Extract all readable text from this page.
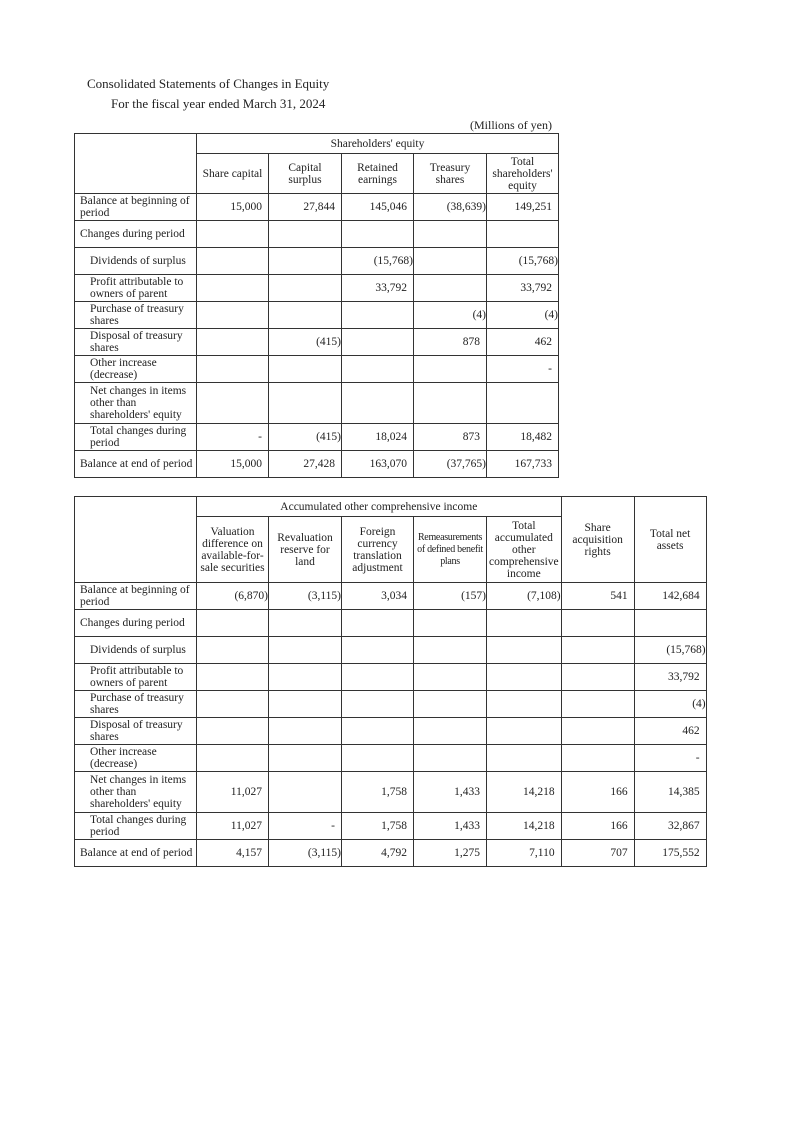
Consolidated Statements of Changes in Equity
For the fiscal year ended March 31, 2024
(Millions of yen)
	Shareholders' equity				
	Share capital	Capital surplus	Retained earnings	Treasury shares	Total shareholders' equity
Balance at beginning of period	15,000	27,844	145,046	(38,639)	149,251
Changes during period					
Dividends of surplus			(15,768)		(15,768)
Profit attributable to owners of parent			33,792		33,792
Purchase of treasury shares				(4)	(4)
Disposal of treasury shares		(415)		878	462
Other increase (decrease)					-
Net changes in items other than shareholders' equity					
Total changes during period	-	(415)	18,024	873	18,482
Balance at end of period	15,000	27,428	163,070	(37,765)	167,733
	Accumulated other comprehensive income					Share acquisition rights	Total net assets
	Valuation difference on available-for-sale securities	Revaluation reserve for land	Foreign currency translation adjustment	Remeasurements of defined benefit plans	Total accumulated other comprehensive income		
Balance at beginning of period	(6,870)	(3,115)	3,034	(157)	(7,108)	541	142,684
Changes during period							
Dividends of surplus							(15,768)
Profit attributable to owners of parent							33,792
Purchase of treasury shares							(4)
Disposal of treasury shares							462
Other increase (decrease)							-
Net changes in items other than shareholders' equity	11,027		1,758	1,433	14,218	166	14,385
Total changes during period	11,027	-	1,758	1,433	14,218	166	32,867
Balance at end of period	4,157	(3,115)	4,792	1,275	7,110	707	175,552
